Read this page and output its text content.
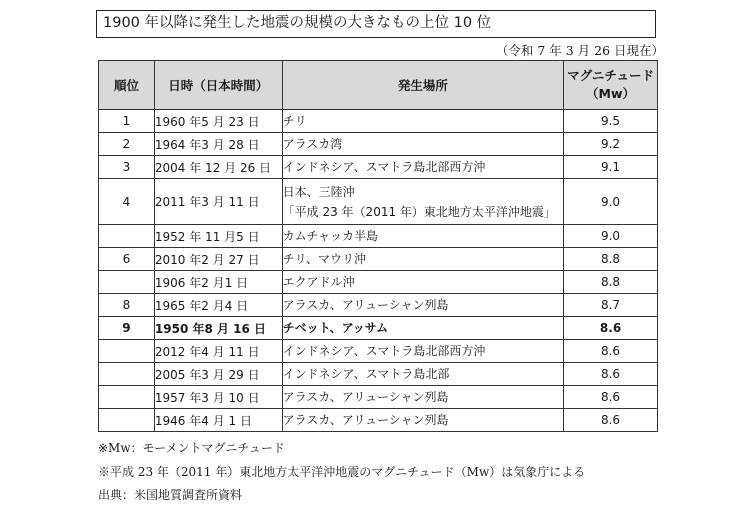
1900 年以降に発生した地震の規模の大きなもの上位 10 位
（令和 7 年 3 月 26 日現在）
順位	日時（日本時間）	発生場所	マグニチュード
（Mw）

1	1960 年5 月 23 日	チリ	9.5
2	1964 年3 月 28 日	アラスカ湾	9.2
3	2004 年 12 月 26 日	インドネシア、スマトラ島北部西方沖	9.1
4	2011 年3 月 11 日	日本、三陸沖
「平成 23 年（2011 年）東北地方太平洋沖地震」	9.0
	1952 年 11 月5 日	カムチャッカ半島	9.0
6	2010 年2 月 27 日	チリ、マウリ沖	8.8
	1906 年2 月1 日	エクアドル沖	8.8
8	1965 年2 月4 日	アラスカ、アリューシャン列島	8.7
9	1950 年8 月 16 日	チベット、アッサム	8.6
	2012 年4 月 11 日	インドネシア、スマトラ島北部西方沖	8.6
	2005 年3 月 29 日	インドネシア、スマトラ島北部	8.6
	1957 年3 月 10 日	アラスカ、アリューシャン列島	8.6
	1946 年4 月 1 日	アラスカ、アリューシャン列島	8.6
※Mw：モーメントマグニチュード
※平成 23 年（2011 年）東北地方太平洋沖地震のマグニチュード（Mw）は気象庁による
出典：米国地質調査所資料
